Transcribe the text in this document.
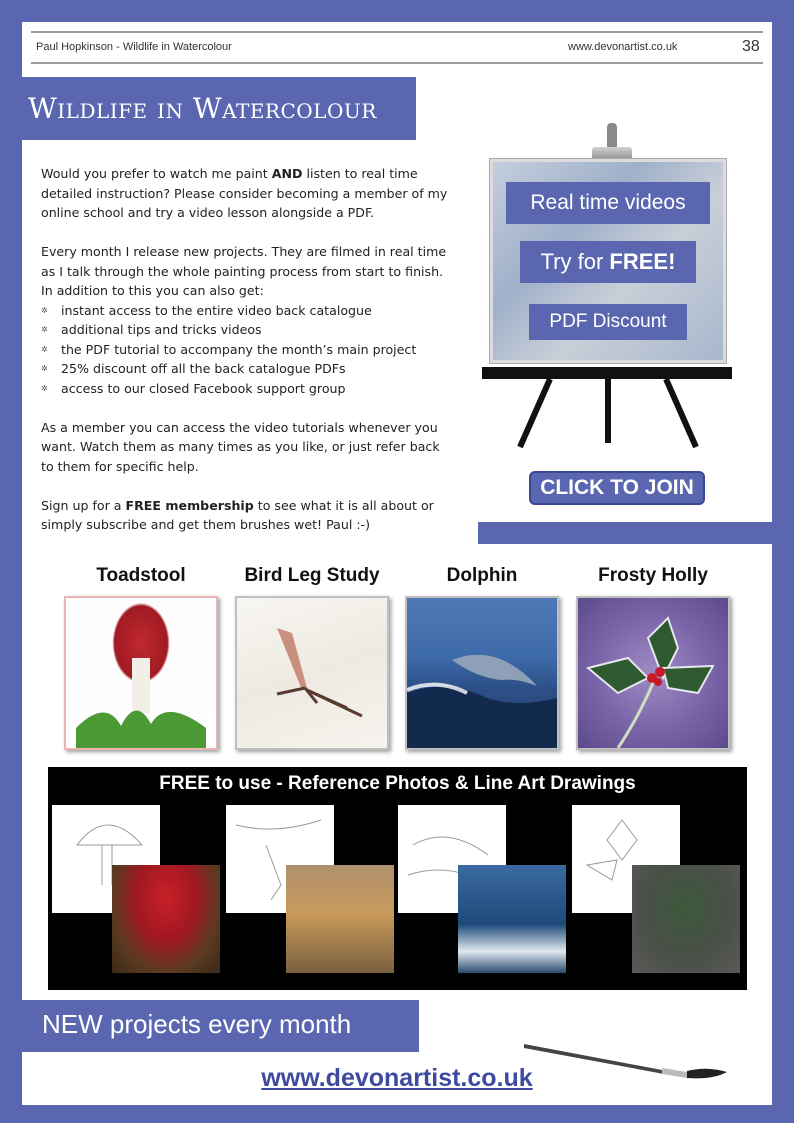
Paul Hopkinson - Wildlife in Watercolour	www.devonartist.co.uk	38
Wildlife in Watercolour

Would you prefer to watch me paint AND listen to real time detailed instruction? Please consider becoming a member of my online school and try a video lesson alongside a PDF.

Every month I release new projects. They are filmed in real time as I talk through the whole painting process from start to finish. In addition to this you can also get:

✲ instant access to the entire video back catalogue
✲ additional tips and tricks videos
✲ the PDF tutorial to accompany the month’s main project
✲ 25% discount off all the back catalogue PDFs
✲ access to our closed Facebook support group

As a member you can access the video tutorials whenever you want. Watch them as many times as you like, or just refer back to them for specific help.

Sign up for a FREE membership to see what it is all about or simply subscribe and get them brushes wet! Paul :-)

Real time videos
Try for FREE!
PDF Discount
CLICK TO JOIN
Toadstool	Bird Leg Study	Dolphin	Frosty Holly
FREE to use - Reference Photos & Line Art Drawings
NEW projects every month
www.devonartist.co.uk
